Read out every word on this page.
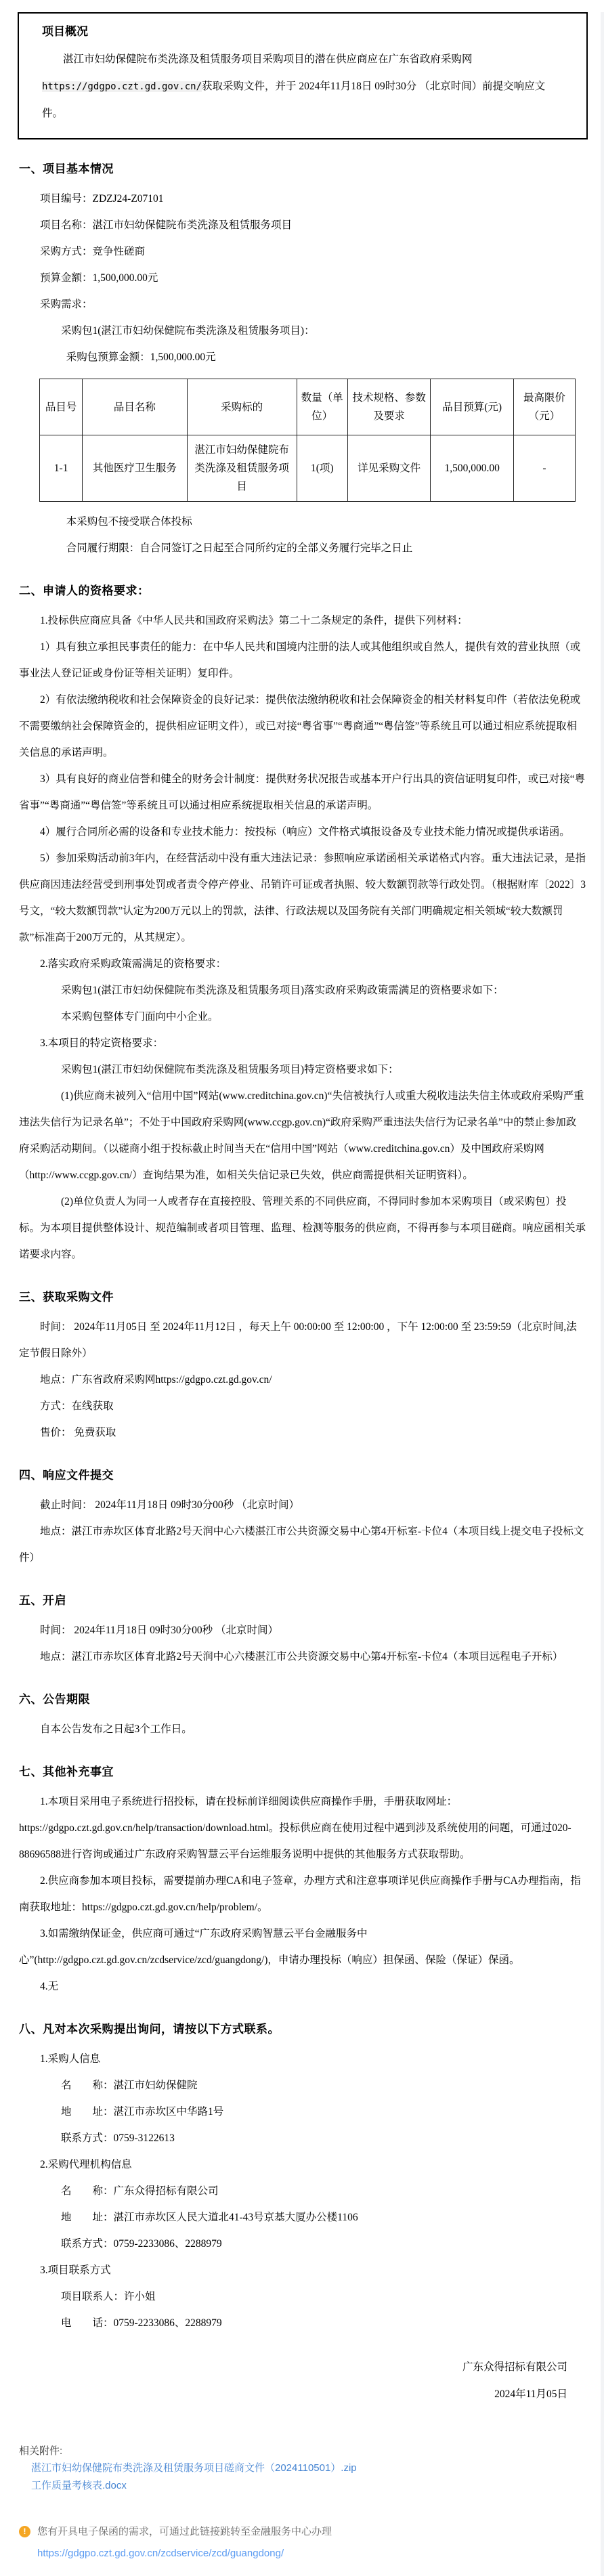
项目概况

湛江市妇幼保健院布类洗涤及租赁服务项目采购项目的潜在供应商应在广东省政府采购网https://gdgpo.czt.gd.gov.cn/获取采购文件，并于 2024年11月18日 09时30分 （北京时间）前提交响应文件。

一、项目基本情况

项目编号：ZDZJ24-Z07101

项目名称：湛江市妇幼保健院布类洗涤及租赁服务项目

采购方式：竞争性磋商

预算金额：1,500,000.00元

采购需求：

采购包1(湛江市妇幼保健院布类洗涤及租赁服务项目)：

采购包预算金额：1,500,000.00元

品目号	品目名称	采购标的	数量（单位）	技术规格、参数及要求	品目预算(元)	最高限价（元）
1-1	其他医疗卫生服务	湛江市妇幼保健院布类洗涤及租赁服务项目	1(项)	详见采购文件	1,500,000.00	-

本采购包不接受联合体投标

合同履行期限：自合同签订之日起至合同所约定的全部义务履行完毕之日止

二、申请人的资格要求：

1.投标供应商应具备《中华人民共和国政府采购法》第二十二条规定的条件，提供下列材料：

1）具有独立承担民事责任的能力：在中华人民共和国境内注册的法人或其他组织或自然人，提供有效的营业执照（或事业法人登记证或身份证等相关证明）复印件。

2）有依法缴纳税收和社会保障资金的良好记录：提供依法缴纳税收和社会保障资金的相关材料复印件（若依法免税或不需要缴纳社会保障资金的，提供相应证明文件），或已对接“粤省事”“粤商通”“粤信签”等系统且可以通过相应系统提取相关信息的承诺声明。

3）具有良好的商业信誉和健全的财务会计制度：提供财务状况报告或基本开户行出具的资信证明复印件，或已对接“粤省事”“粤商通”“粤信签”等系统且可以通过相应系统提取相关信息的承诺声明。

4）履行合同所必需的设备和专业技术能力：按投标（响应）文件格式填报设备及专业技术能力情况或提供承诺函。

5）参加采购活动前3年内，在经营活动中没有重大违法记录：参照响应承诺函相关承诺格式内容。重大违法记录，是指供应商因违法经营受到刑事处罚或者责令停产停业、吊销许可证或者执照、较大数额罚款等行政处罚。（根据财库〔2022〕3号文，“较大数额罚款”认定为200万元以上的罚款，法律、行政法规以及国务院有关部门明确规定相关领域“较大数额罚款”标准高于200万元的，从其规定）。

2.落实政府采购政策需满足的资格要求：

采购包1(湛江市妇幼保健院布类洗涤及租赁服务项目)落实政府采购政策需满足的资格要求如下：

本采购包整体专门面向中小企业。

3.本项目的特定资格要求：

采购包1(湛江市妇幼保健院布类洗涤及租赁服务项目)特定资格要求如下：

(1)供应商未被列入“信用中国”网站(www.creditchina.gov.cn)“失信被执行人或重大税收违法失信主体或政府采购严重违法失信行为记录名单”；不处于中国政府采购网(www.ccgp.gov.cn)“政府采购严重违法失信行为记录名单”中的禁止参加政府采购活动期间。（以磋商小组于投标截止时间当天在“信用中国”网站（www.creditchina.gov.cn）及中国政府采购网（http://www.ccgp.gov.cn/）查询结果为准，如相关失信记录已失效，供应商需提供相关证明资料）。

(2)单位负责人为同一人或者存在直接控股、管理关系的不同供应商，不得同时参加本采购项目（或采购包）投标。为本项目提供整体设计、规范编制或者项目管理、监理、检测等服务的供应商，不得再参与本项目磋商。响应函相关承诺要求内容。

三、获取采购文件

时间： 2024年11月05日 至 2024年11月12日 ，每天上午 00:00:00 至 12:00:00 ，下午 12:00:00 至 23:59:59（北京时间,法定节假日除外）

地点：广东省政府采购网https://gdgpo.czt.gd.gov.cn/

方式：在线获取

售价： 免费获取

四、响应文件提交

截止时间： 2024年11月18日 09时30分00秒 （北京时间）

地点：湛江市赤坎区体育北路2号天润中心六楼湛江市公共资源交易中心第4开标室-卡位4（本项目线上提交电子投标文件）

五、开启

时间： 2024年11月18日 09时30分00秒 （北京时间）

地点：湛江市赤坎区体育北路2号天润中心六楼湛江市公共资源交易中心第4开标室-卡位4（本项目远程电子开标）

六、公告期限

自本公告发布之日起3个工作日。

七、其他补充事宜

1.本项目采用电子系统进行招投标，请在投标前详细阅读供应商操作手册，手册获取网址：https://gdgpo.czt.gd.gov.cn/help/transaction/download.html。投标供应商在使用过程中遇到涉及系统使用的问题，可通过020-88696588进行咨询或通过广东政府采购智慧云平台运维服务说明中提供的其他服务方式获取帮助。

2.供应商参加本项目投标，需要提前办理CA和电子签章，办理方式和注意事项详见供应商操作手册与CA办理指南，指南获取地址：https://gdgpo.czt.gd.gov.cn/help/problem/。

3.如需缴纳保证金，供应商可通过“广东政府采购智慧云平台金融服务中心”(http://gdgpo.czt.gd.gov.cn/zcdservice/zcd/guangdong/)，申请办理投标（响应）担保函、保险（保证）保函。

4.无

八、凡对本次采购提出询问，请按以下方式联系。

1.采购人信息

名　　称：湛江市妇幼保健院

地　　址：湛江市赤坎区中华路1号

联系方式：0759-3122613

2.采购代理机构信息

名　　称：广东众得招标有限公司

地　　址：湛江市赤坎区人民大道北41-43号京基大厦办公楼1106

联系方式：0759-2233086、2288979

3.项目联系方式

项目联系人：许小姐

电　　话：0759-2233086、2288979

广东众得招标有限公司

2024年11月05日

相关附件:
湛江市妇幼保健院布类洗涤及租赁服务项目磋商文件（2024110501）.zip
工作质量考核表.docx
!	您有开具电子保函的需求，可通过此链接跳转至金融服务中心办理
https://gdgpo.czt.gd.gov.cn/zcdservice/zcd/guangdong/
